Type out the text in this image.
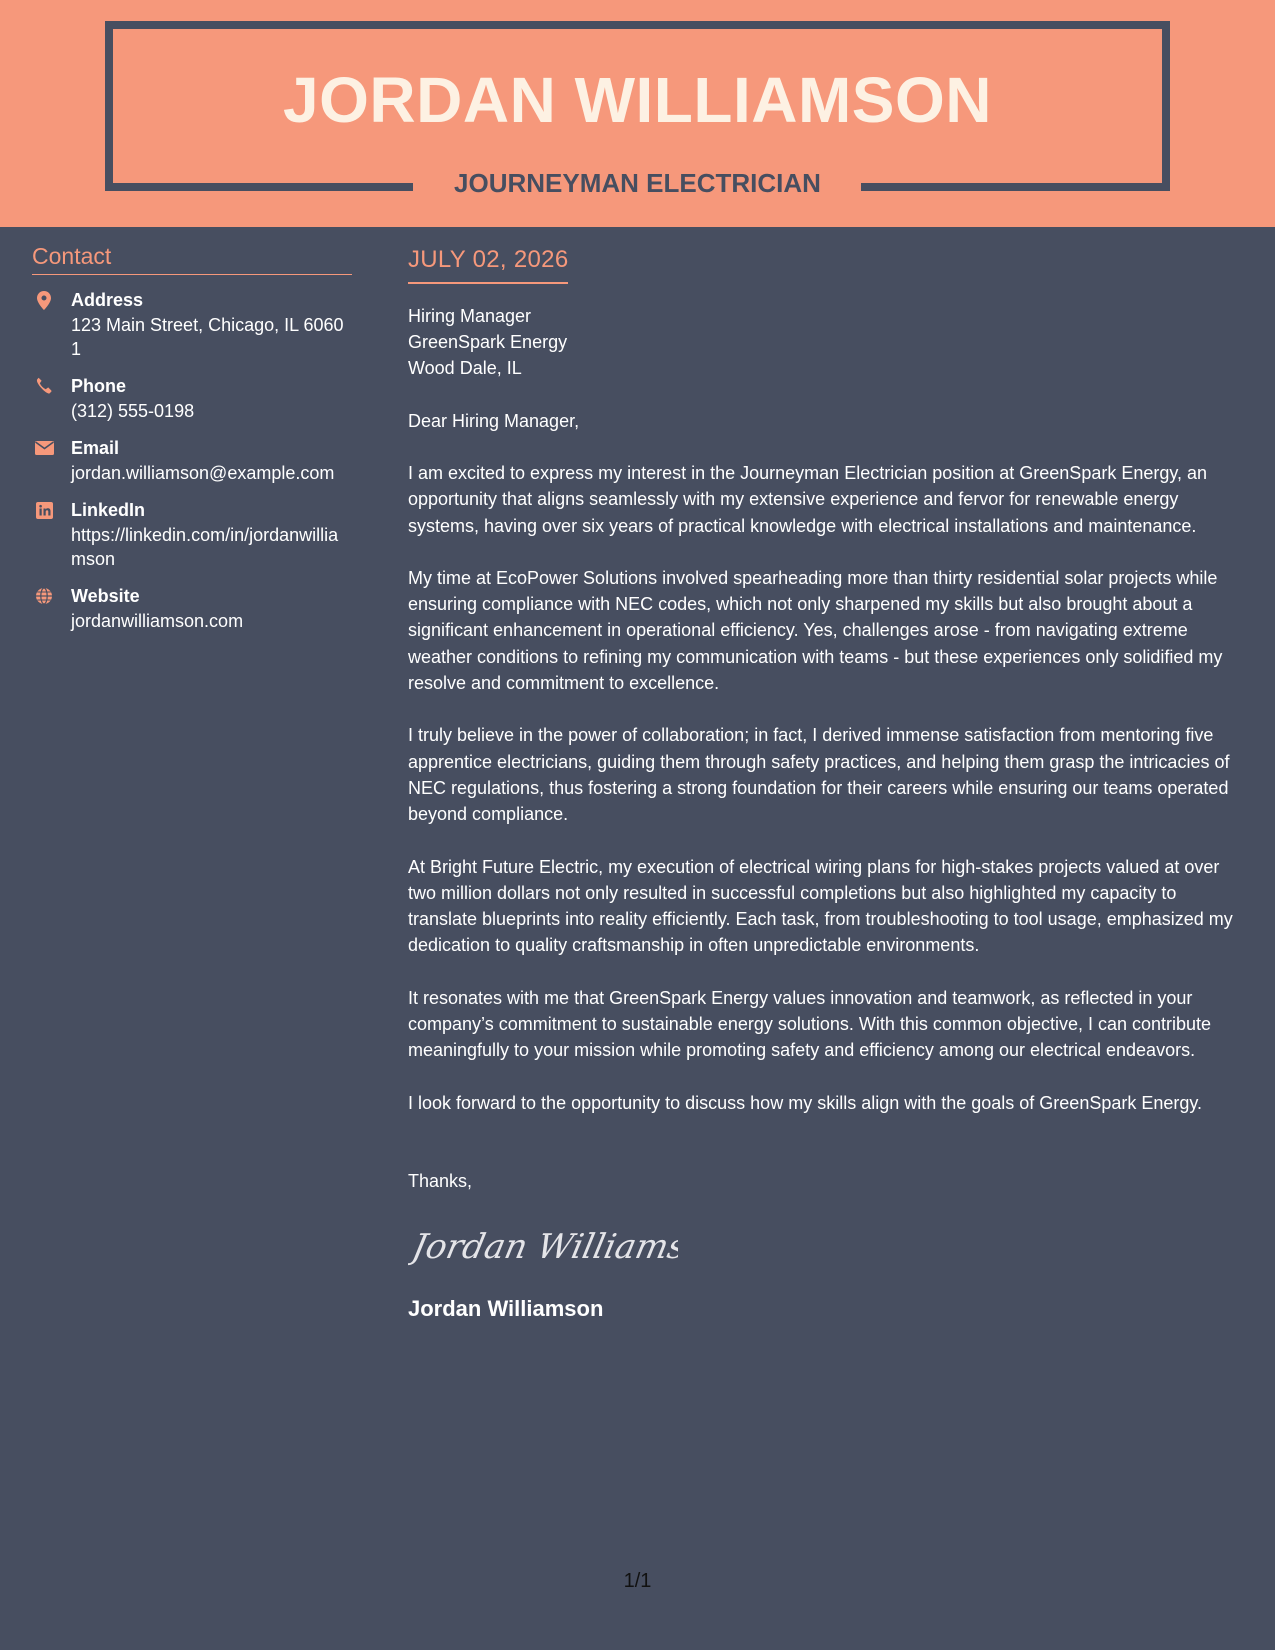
JORDAN WILLIAMSON
JOURNEYMAN ELECTRICIAN
Contact
Address
123 Main Street, Chicago, IL 60601
Phone
(312) 555-0198
Email
jordan.williamson@example.com
LinkedIn
https://linkedin.com/in/jordanwilliamson
Website
jordanwilliamson.com
JULY 02, 2026
Hiring Manager
GreenSpark Energy
Wood Dale, IL
Dear Hiring Manager,

I am excited to express my interest in the Journeyman Electrician position at GreenSpark Energy, an opportunity that aligns seamlessly with my extensive experience and fervor for renewable energy systems, having over six years of practical knowledge with electrical installations and maintenance.

My time at EcoPower Solutions involved spearheading more than thirty residential solar projects while ensuring compliance with NEC codes, which not only sharpened my skills but also brought about a significant enhancement in operational efficiency. Yes, challenges arose - from navigating extreme weather conditions to refining my communication with teams - but these experiences only solidified my resolve and commitment to excellence.

I truly believe in the power of collaboration; in fact, I derived immense satisfaction from mentoring five apprentice electricians, guiding them through safety practices, and helping them grasp the intricacies of NEC regulations, thus fostering a strong foundation for their careers while ensuring our teams operated beyond compliance.

At Bright Future Electric, my execution of electrical wiring plans for high-stakes projects valued at over two million dollars not only resulted in successful completions but also highlighted my capacity to translate blueprints into reality efficiently. Each task, from troubleshooting to tool usage, emphasized my dedication to quality craftsmanship in often unpredictable environments.

It resonates with me that GreenSpark Energy values innovation and teamwork, as reflected in your company’s commitment to sustainable energy solutions. With this common objective, I can contribute meaningfully to your mission while promoting safety and efficiency among our electrical endeavors.

I look forward to the opportunity to discuss how my skills align with the goals of GreenSpark Energy.

Thanks,
Jordan Williams
Jordan Williamson
1/1
